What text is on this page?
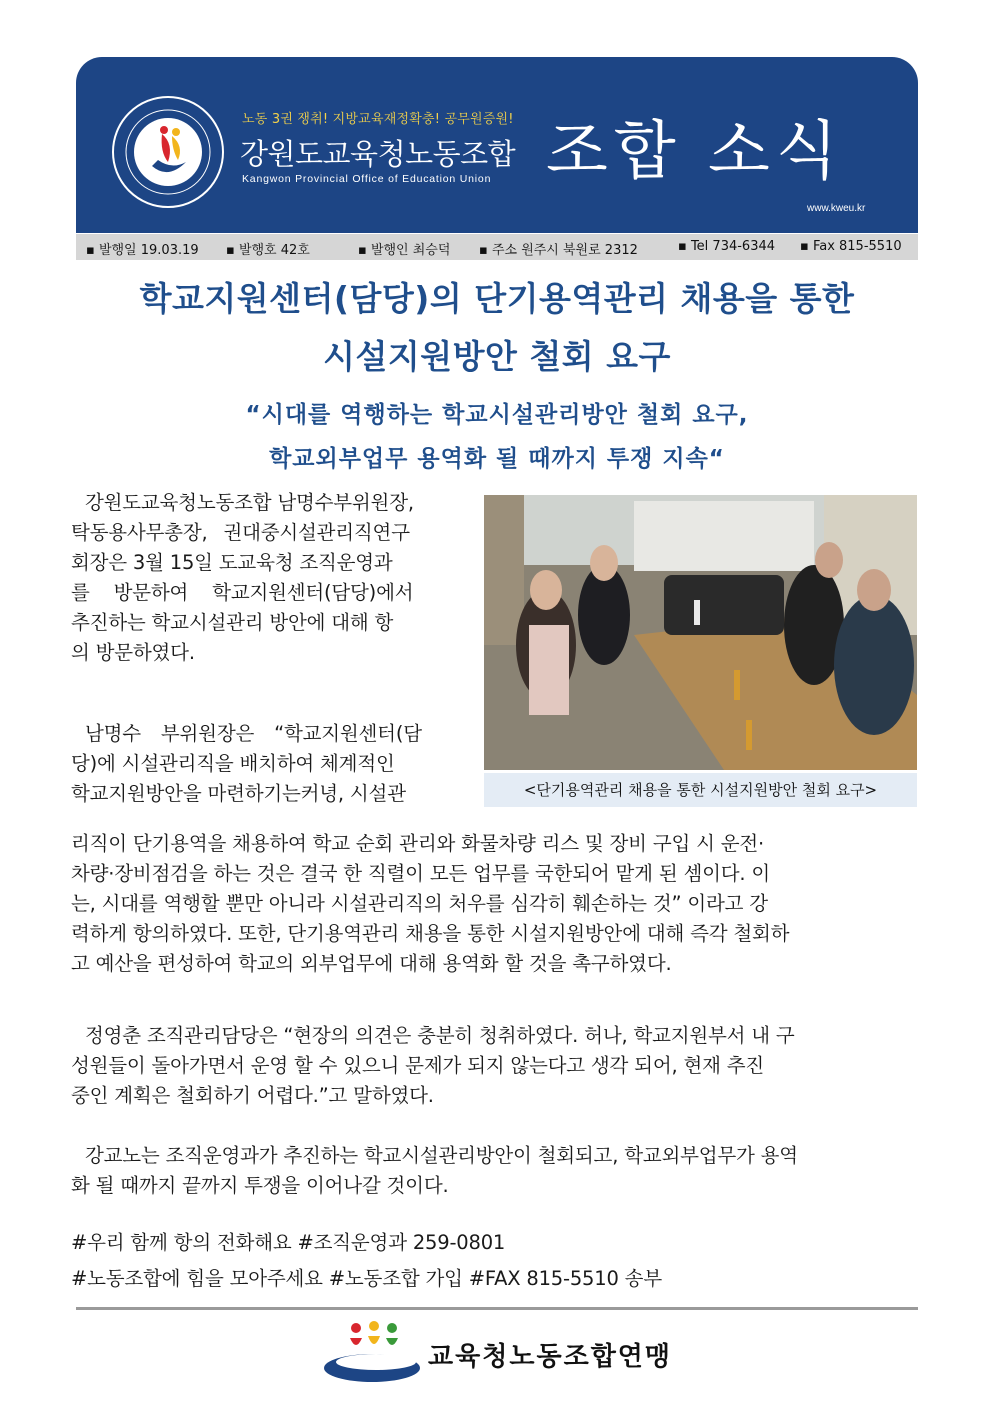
노동 3권 쟁취! 지방교육재정확충! 공무원증원!
강원도교육청노동조합
Kangwon Provincial Office of Education Union 조합 소식
www.kweu.kr
▪ 발행일 19.03.19 ▪ 발행호 42호	▪ 발행인 최승덕 ▪ 주소 원주시 북원로 2312	▪ Tel 734-6344 ▪ Fax 815-5510
학교지원센터(담당)의 단기용역관리 채용을 통한
시설지원방안 철회 요구
“시대를 역행하는 학교시설관리방안 철회 요구,
학교외부업무 용역화 될 때까지 투쟁 지속“
<단기용역관리 채용을 통한 시설지원방안 철회 요구>
강원도교육청노동조합 남명수부위원장,
탁동용사무총장, 권대중시설관리직연구
회장은 3월 15일 도교육청 조직운영과
를 방문하여 학교지원센터(담당)에서
추진하는 학교시설관리 방안에 대해 항
의 방문하였다.
남명수 부위원장은 “학교지원센터(담
당)에 시설관리직을 배치하여 체계적인
학교지원방안을 마련하기는커녕, 시설관
리직이 단기용역을 채용하여 학교 순회 관리와 화물차량 리스 및 장비 구입 시 운전·
차량·장비점검을 하는 것은 결국 한 직렬이 모든 업무를 국한되어 맡게 된 셈이다. 이
는, 시대를 역행할 뿐만 아니라 시설관리직의 처우를 심각히 훼손하는 것” 이라고 강
력하게 항의하였다. 또한, 단기용역관리 채용을 통한 시설지원방안에 대해 즉각 철회하
고 예산을 편성하여 학교의 외부업무에 대해 용역화 할 것을 촉구하였다.
정영춘 조직관리담당은 “현장의 의견은 충분히 청취하였다. 허나, 학교지원부서 내 구
성원들이 돌아가면서 운영 할 수 있으니 문제가 되지 않는다고 생각 되어, 현재 추진
중인 계획은 철회하기 어렵다.”고 말하였다.
강교노는 조직운영과가 추진하는 학교시설관리방안이 철회되고, 학교외부업무가 용역
화 될 때까지 끝까지 투쟁을 이어나갈 것이다.
#우리 함께 항의 전화해요 #조직운영과 259-0801
#노동조합에 힘을 모아주세요 #노동조합 가입 #FAX 815-5510 송부
교육청노동조합연맹
